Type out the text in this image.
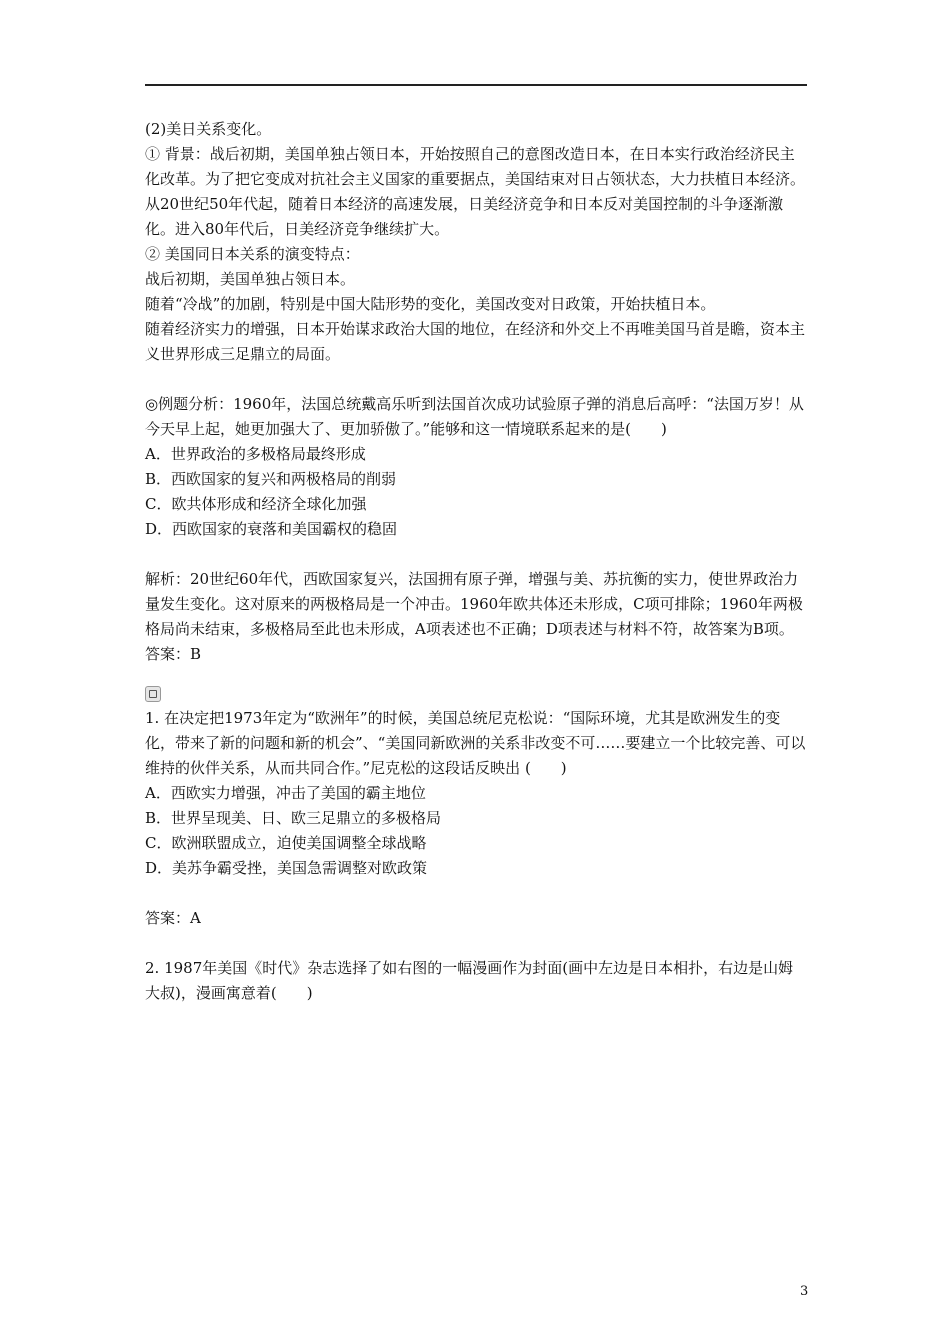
(2)美日关系变化。

① 背景：战后初期，美国单独占领日本，开始按照自己的意图改造日本，在日本实行政治经济民主化改革。为了把它变成对抗社会主义国家的重要据点，美国结束对日占领状态，大力扶植日本经济。从20世纪50年代起，随着日本经济的高速发展，日美经济竞争和日本反对美国控制的斗争逐渐激化。进入80年代后，日美经济竞争继续扩大。

② 美国同日本关系的演变特点：

战后初期，美国单独占领日本。

随着“冷战”的加剧，特别是中国大陆形势的变化，美国改变对日政策，开始扶植日本。

随着经济实力的增强，日本开始谋求政治大国的地位，在经济和外交上不再唯美国马首是瞻，资本主义世界形成三足鼎立的局面。

◎例题分析：1960年，法国总统戴高乐听到法国首次成功试验原子弹的消息后高呼：“法国万岁！从今天早上起，她更加强大了、更加骄傲了。”能够和这一情境联系起来的是(　　)

A．世界政治的多极格局最终形成

B．西欧国家的复兴和两极格局的削弱

C．欧共体形成和经济全球化加强

D．西欧国家的衰落和美国霸权的稳固

解析：20世纪60年代，西欧国家复兴，法国拥有原子弹，增强与美、苏抗衡的实力，使世界政治力量发生变化。这对原来的两极格局是一个冲击。1960年欧共体还未形成，C项可排除；1960年两极格局尚未结束，多极格局至此也未形成，A项表述也不正确；D项表述与材料不符，故答案为B项。

答案：B

1. 在决定把1973年定为“欧洲年”的时候，美国总统尼克松说：“国际环境，尤其是欧洲发生的变化，带来了新的问题和新的机会”、“美国同新欧洲的关系非改变不可……要建立一个比较完善、可以维持的伙伴关系，从而共同合作。”尼克松的这段话反映出 (　　)

A．西欧实力增强，冲击了美国的霸主地位

B．世界呈现美、日、欧三足鼎立的多极格局

C．欧洲联盟成立，迫使美国调整全球战略

D．美苏争霸受挫，美国急需调整对欧政策

答案：A

2. 1987年美国《时代》杂志选择了如右图的一幅漫画作为封面(画中左边是日本相扑，右边是山姆大叔)，漫画寓意着(　　)

3
